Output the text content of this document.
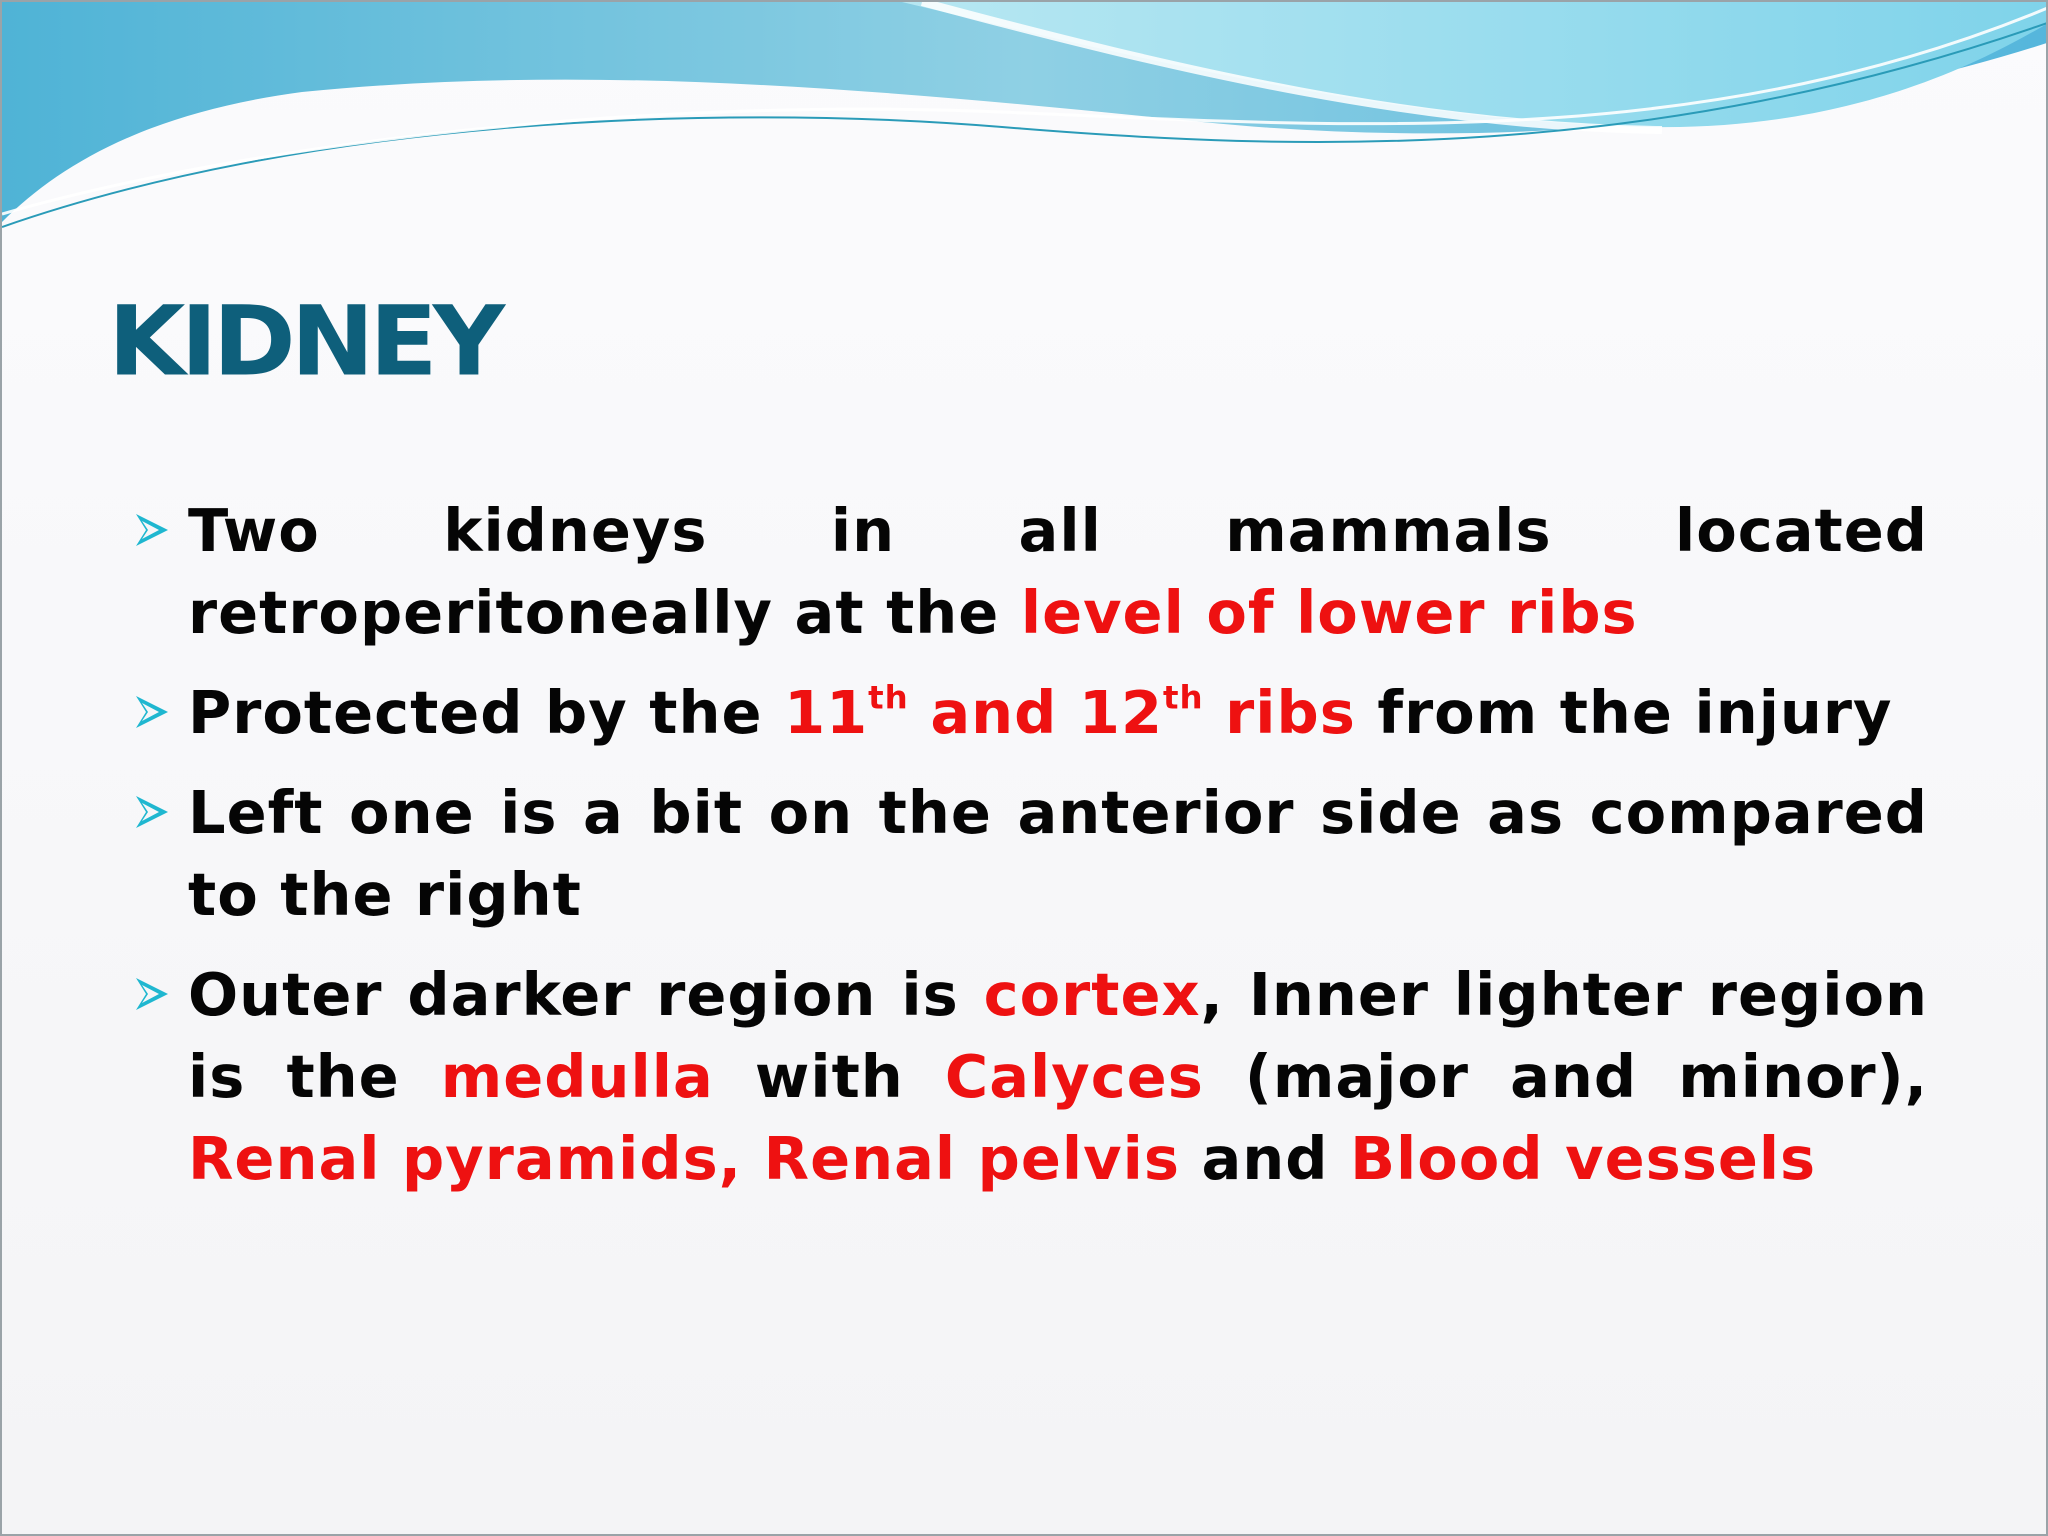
KIDNEY
Two kidneys in all mammals located retroperitoneally at the level of lower ribs
Protected by the 11th and 12th ribs from the injury
Left one is a bit on the anterior side as compared to the right
Outer darker region is cortex, Inner lighter region is the medulla with Calyces (major and minor), Renal pyramids, Renal pelvis and Blood vessels
